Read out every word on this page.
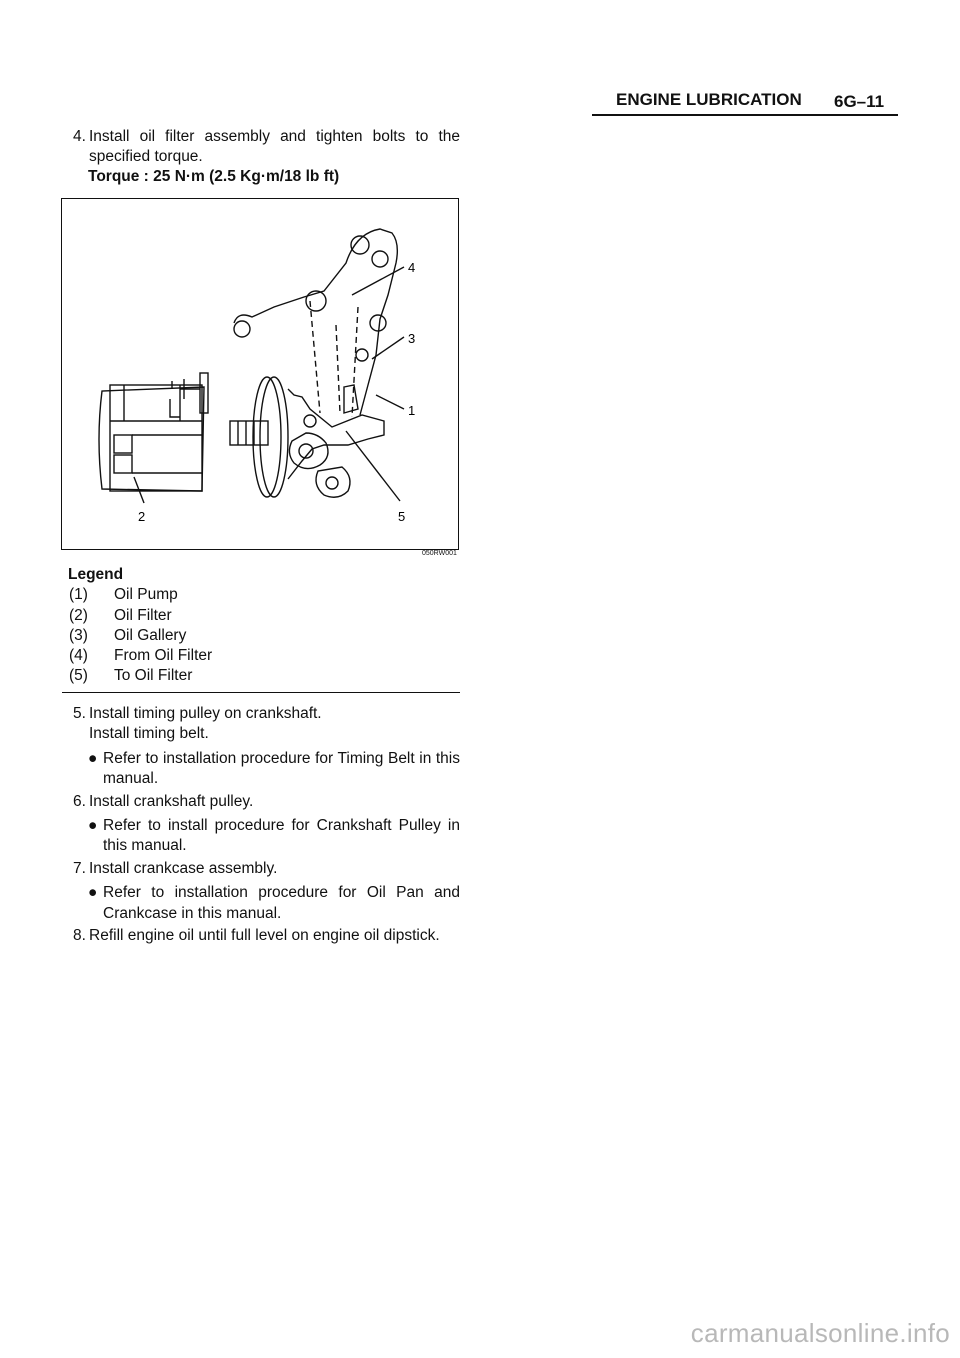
ENGINE LUBRICATION 6G–11
4. Install oil filter assembly and tighten bolts to the specified torque.
Torque : 25 N·m (2.5 Kg·m/18 lb ft)
4
3
1
5
2
050RW001
Legend
(1) Oil Pump
(2) Oil Filter
(3) Oil Gallery
(4) From Oil Filter
(5) To Oil Filter
5. Install timing pulley on crankshaft.
Install timing belt.
● Refer to installation procedure for Timing Belt in this manual.
6. Install crankshaft pulley.
● Refer to install procedure for Crankshaft Pulley in this manual.
7. Install crankcase assembly.
● Refer to installation procedure for Oil Pan and Crankcase in this manual.
8. Refill engine oil until full level on engine oil dipstick.
carmanualsonline.info
